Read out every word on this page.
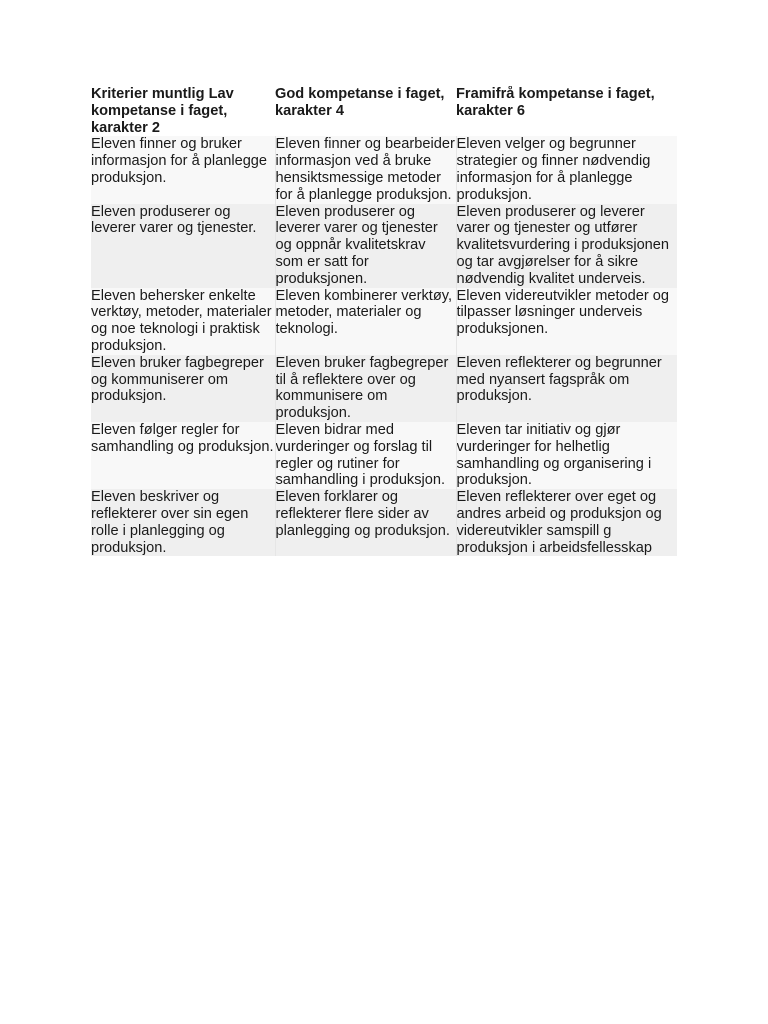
Kriterier muntlig Lav kompetanse i faget, karakter 2	God kompetanse i faget, karakter 4	Framifrå kompetanse i faget, karakter 6
Eleven finner og bruker informasjon for å planlegge produksjon.	Eleven finner og bearbeider informasjon ved å bruke hensiktsmessige metoder for å planlegge produksjon.	Eleven velger og begrunner strategier og finner nødvendig informasjon for å planlegge produksjon.
Eleven produserer og leverer varer og tjenester.	Eleven produserer og leverer varer og tjenester og oppnår kvalitetskrav som er satt for produksjonen.	Eleven produserer og leverer varer og tjenester og utfører kvalitetsvurdering i produksjonen og tar avgjørelser for å sikre nødvendig kvalitet underveis.
Eleven behersker enkelte verktøy, metoder, materialer og noe teknologi i praktisk produksjon.	Eleven kombinerer verktøy, metoder, materialer og teknologi.	Eleven videreutvikler metoder og tilpasser løsninger underveis produksjonen.
Eleven bruker fagbegreper og kommuniserer om produksjon.	Eleven bruker fagbegreper til å reflektere over og kommunisere om produksjon.	Eleven reflekterer og begrunner med nyansert fagspråk om produksjon.
Eleven følger regler for samhandling og produksjon.	Eleven bidrar med vurderinger og forslag til regler og rutiner for samhandling i produksjon.	Eleven tar initiativ og gjør vurderinger for helhetlig samhandling og organisering i produksjon.
Eleven beskriver og reflekterer over sin egen rolle i planlegging og produksjon.	Eleven forklarer og reflekterer flere sider av planlegging og produksjon.	Eleven reflekterer over eget og andres arbeid og produksjon og videreutvikler samspill g produksjon i arbeidsfellesskap
